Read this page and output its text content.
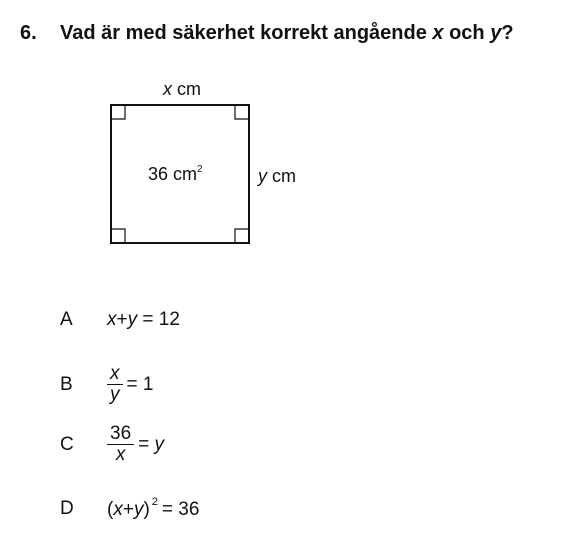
6. Vad är med säkerhet korrekt angående x och y?
x cm
y cm
36 $cm^2$
A	x+y = 12
B	$\frac{x}{y} = 1$
C	$\frac{36}{x}$ =
y
D	(x+y) $^2$ = 36
